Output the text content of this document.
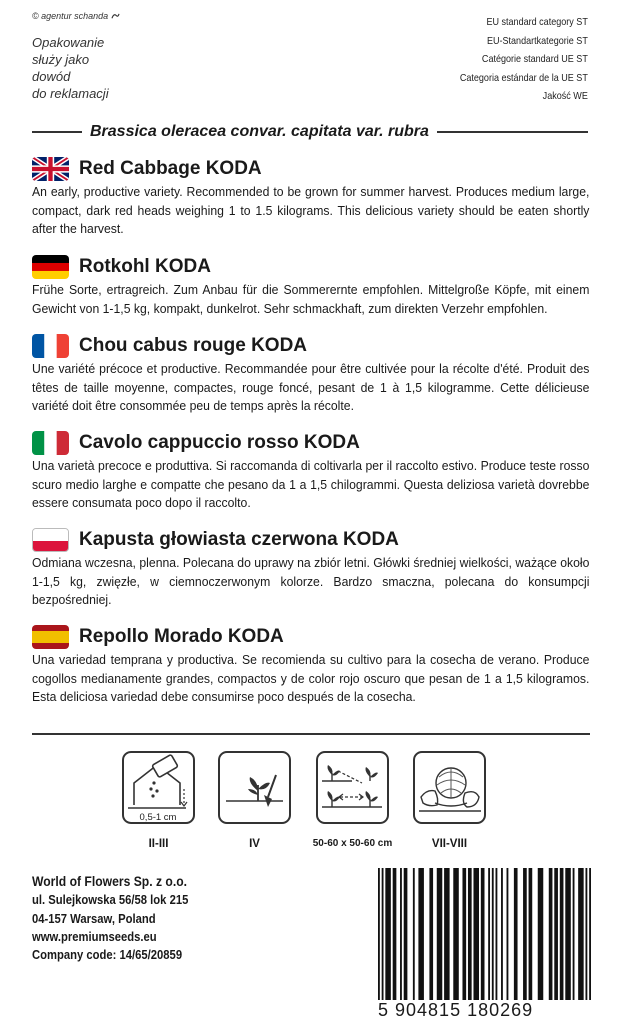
© agentur schanda
Opakowanie
służy jako
dowód
do reklamacji
EU standard category ST
EU-Standartkategorie ST
Catégorie standard UE ST
Categoria estándar de la UE ST
Jakość WE
Brassica oleracea convar. capitata var. rubra
Red Cabbage KODA
An early, productive variety. Recommended to be grown for summer harvest. Produces medium large, compact, dark red heads weighing 1 to 1.5 kilograms. This delicious variety should be eaten shortly after the harvest.
Rotkohl KODA
Frühe Sorte, ertragreich. Zum Anbau für die Sommerernte empfohlen. Mittelgroße Köpfe, mit einem Gewicht von 1-1,5 kg, kompakt, dunkelrot. Sehr schmackhaft, zum direkten Verzehr empfohlen.
Chou cabus rouge KODA
Une variété précoce et productive. Recommandée pour être cultivée pour la récolte d'été. Produit des têtes de taille moyenne, compactes, rouge foncé, pesant de 1 à 1,5 kilogramme. Cette délicieuse variété doit être consommée peu de temps après la récolte.
Cavolo cappuccio rosso KODA
Una varietà precoce e produttiva. Si raccomanda di coltivarla per il raccolto estivo. Produce teste rosso scuro medio larghe e compatte che pesano da 1 a 1,5 chilogrammi. Questa deliziosa varietà dovrebbe essere consumata poco dopo il raccolto.
Kapusta głowiasta czerwona KODA
Odmiana wczesna, plenna. Polecana do uprawy na zbiór letni. Główki średniej wielkości, ważące około 1-1,5 kg, zwięzłe, w ciemnoczerwonym kolorze. Bardzo smaczna, polecana do konsumpcji bezpośredniej.
Repollo Morado KODA
Una variedad temprana y productiva. Se recomienda su cultivo para la cosecha de verano. Produce cogollos medianamente grandes, compactos y de color rojo oscuro que pesan de 1 a 1,5 kilogramos. Esta deliciosa variedad debe consumirse poco después de la cosecha.
0,5-1 cm
II-III	IV	50-60 x 50-60 cm	VII-VIII
World of Flowers Sp. z o.o.
ul. Sulejkowska 56/58 lok 215
04-157 Warsaw, Poland
www.premiumseeds.eu
Company code: 14/65/20859
5 904815 180269
